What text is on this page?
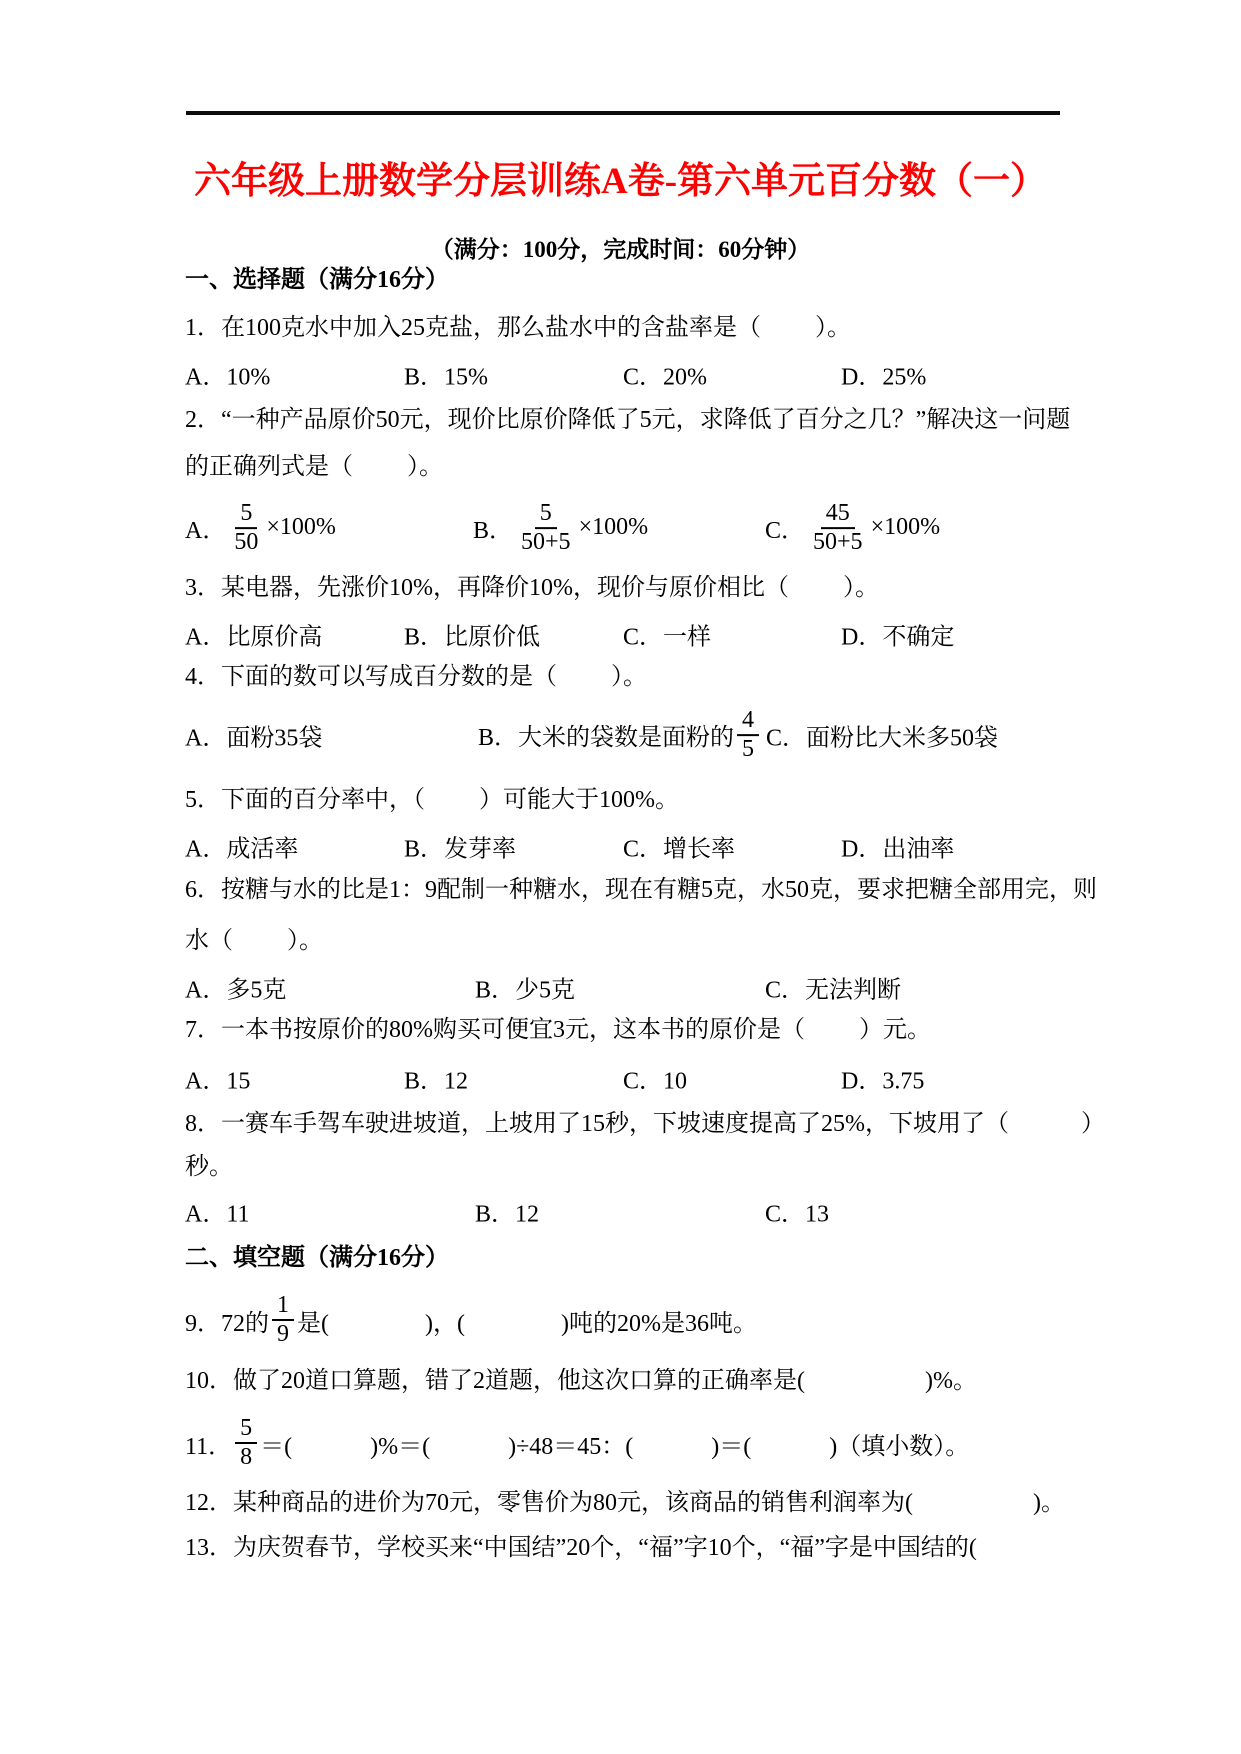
六年级上册数学分层训练A卷-第六单元百分数（一）
（满分：100分，完成时间：60分钟）
一、选择题（满分16分）
1．在100克水中加入25克盐，那么盐水中的含盐率是（　　 ）。
A．10%	B．15%	C．20%	D．25%
2．“一种产品原价50元，现价比原价降低了5元，求降低了百分之几？”解决这一问题
的正确列式是（　　 ）。
A． $\frac{5}{50} \times 100\%$	B． $\frac{5}{50+5} \times 100\%$	C． $\frac{45}{50+5} \times 100\%$
3．某电器，先涨价10%，再降价10%，现价与原价相比（　　 ）。
A．比原价高	B．比原价低	C．一样	D．不确定
4．下面的数可以写成百分数的是（　　 ）。
A．面粉35袋	B．大米的袋数是面粉的 $\frac{4}{5}$ C．面粉比大米多50袋
5．下面的百分率中，（　　 ）可能大于100%。
A．成活率	B．发芽率	C．增长率	D．出油率
6．按糖与水的比是1：9配制一种糖水，现在有糖5克，水50克，要求把糖全部用完，则
水（　　 ）。
A．多5克	B．少5克	C．无法判断
7．一本书按原价的80%购买可便宜3元，这本书的原价是（　　 ）元。
A．15	B．12	C．10	D．3.75
8．一赛车手驾车驶进坡道，上坡用了15秒，下坡速度提高了25%，下坡用了（　　　）
秒。
A．11	B．12	C．13
二、填空题（满分16分）
9．72的 $\frac{1}{9}$ 是(　　　　)，(　　　　)吨的20%是36吨。
10．做了20道口算题，错了2道题，他这次口算的正确率是(　　　　　)%。
11． $\frac{5}{8}$ ＝(　　　 )%＝(　　　 )÷48＝45：(　　　 )＝(　　　 )（填小数）。
12．某种商品的进价为70元，零售价为80元，该商品的销售利润率为(　　　　　)。
13．为庆贺春节，学校买来“中国结”20个，“福”字10个，“福”字是中国结的(
